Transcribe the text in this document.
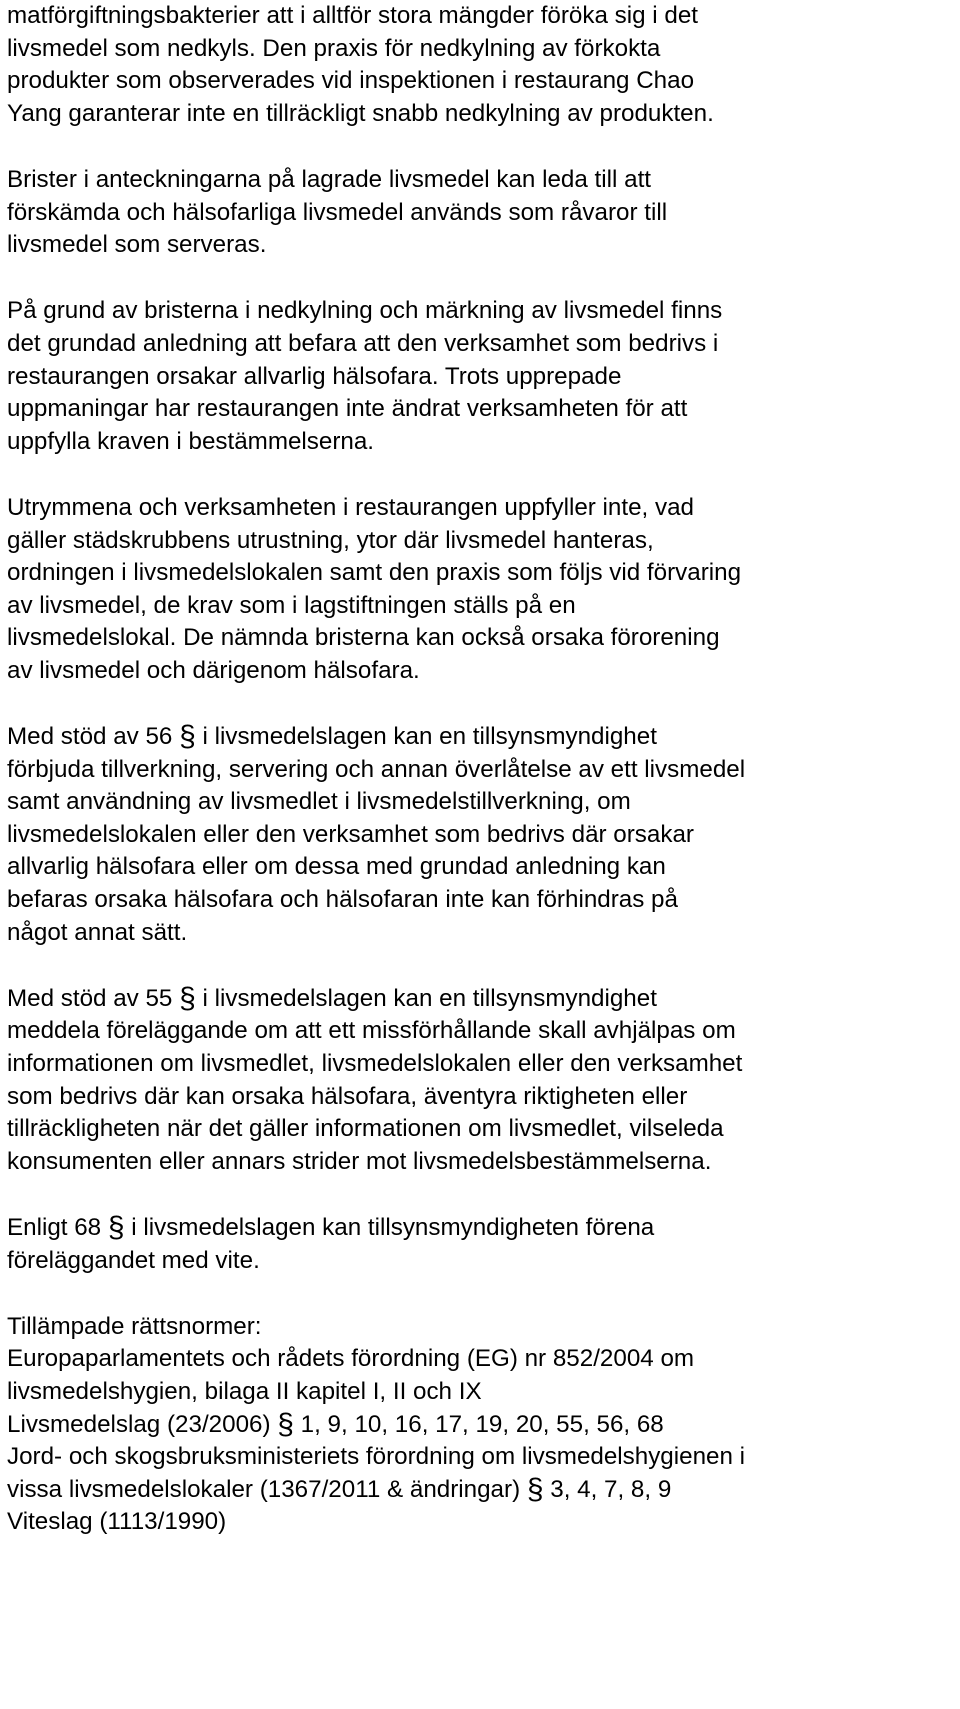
matförgiftningsbakterier att i alltför stora mängder föröka sig i det
livsmedel som nedkyls. Den praxis för nedkylning av förkokta
produkter som observerades vid inspektionen i restaurang Chao
Yang garanterar inte en tillräckligt snabb nedkylning av produkten.
Brister i anteckningarna på lagrade livsmedel kan leda till att
förskämda och hälsofarliga livsmedel används som råvaror till
livsmedel som serveras.
På grund av bristerna i nedkylning och märkning av livsmedel finns
det grundad anledning att befara att den verksamhet som bedrivs i
restaurangen orsakar allvarlig hälsofara. Trots upprepade
uppmaningar har restaurangen inte ändrat verksamheten för att
uppfylla kraven i bestämmelserna.
Utrymmena och verksamheten i restaurangen uppfyller inte, vad
gäller städskrubbens utrustning, ytor där livsmedel hanteras,
ordningen i livsmedelslokalen samt den praxis som följs vid förvaring
av livsmedel, de krav som i lagstiftningen ställs på en
livsmedelslokal. De nämnda bristerna kan också orsaka förorening
av livsmedel och därigenom hälsofara.
Med stöd av 56 § i livsmedelslagen kan en tillsynsmyndighet
förbjuda tillverkning, servering och annan överlåtelse av ett livsmedel
samt användning av livsmedlet i livsmedelstillverkning, om
livsmedelslokalen eller den verksamhet som bedrivs där orsakar
allvarlig hälsofara eller om dessa med grundad anledning kan
befaras orsaka hälsofara och hälsofaran inte kan förhindras på
något annat sätt.
Med stöd av 55 § i livsmedelslagen kan en tillsynsmyndighet
meddela föreläggande om att ett missförhållande skall avhjälpas om
informationen om livsmedlet, livsmedelslokalen eller den verksamhet
som bedrivs där kan orsaka hälsofara, äventyra riktigheten eller
tillräckligheten när det gäller informationen om livsmedlet, vilseleda
konsumenten eller annars strider mot livsmedelsbestämmelserna.
Enligt 68 § i livsmedelslagen kan tillsynsmyndigheten förena
föreläggandet med vite.
Tillämpade rättsnormer:
Europaparlamentets och rådets förordning (EG) nr 852/2004 om
livsmedelshygien, bilaga II kapitel I, II och IX
Livsmedelslag (23/2006) § 1, 9, 10, 16, 17, 19, 20, 55, 56, 68
Jord- och skogsbruksministeriets förordning om livsmedelshygienen i
vissa livsmedelslokaler (1367/2011 & ändringar) § 3, 4, 7, 8, 9
Viteslag (1113/1990)
